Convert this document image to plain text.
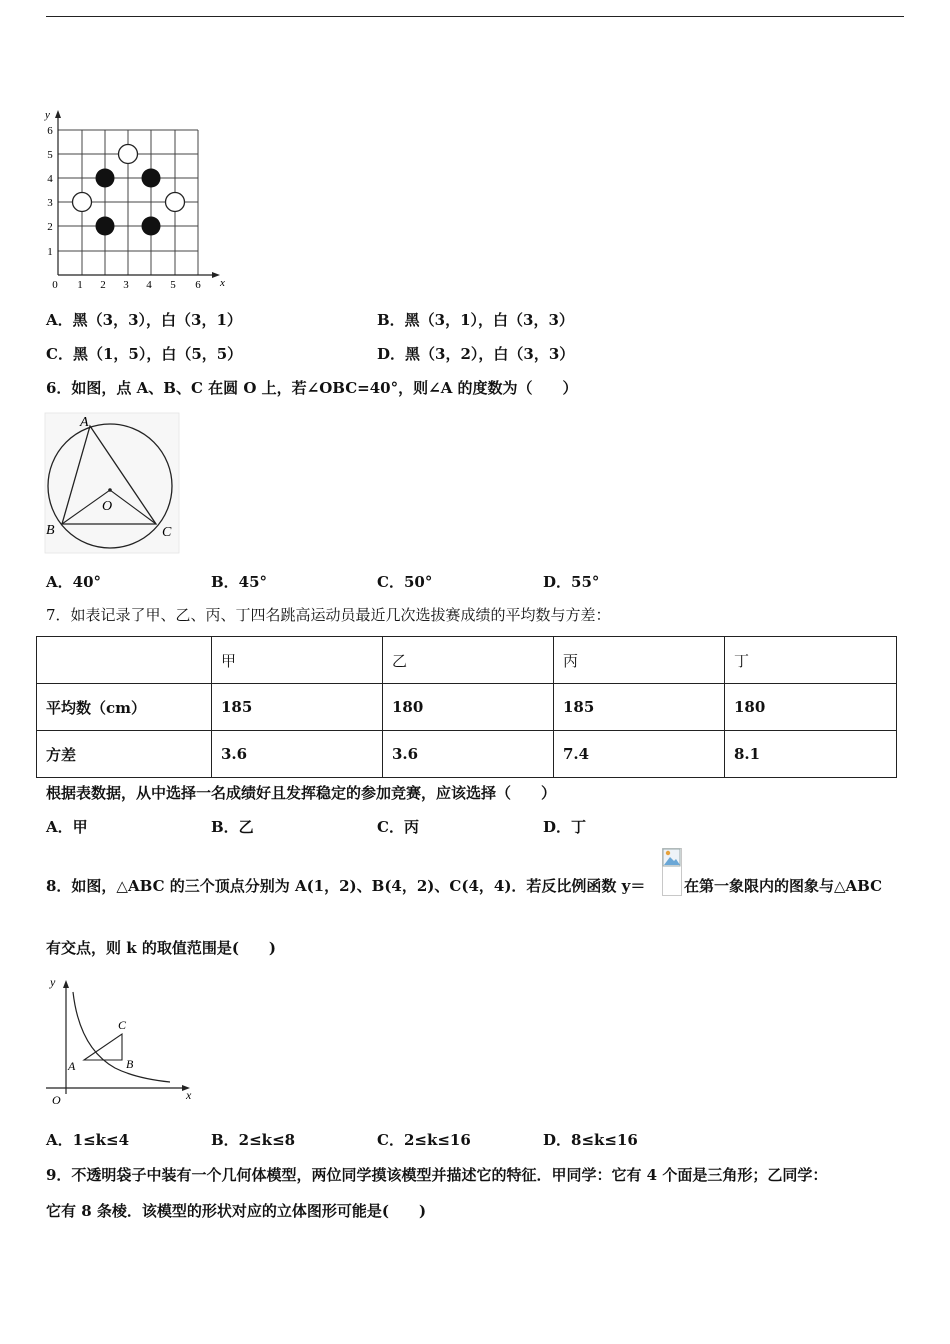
y
x
6
5
4
3
2
1
0 1 2 3 4 5 6
A．黑（3，3），白（3，1）	B．黑（3，1），白（3，3）
C．黑（1，5），白（5，5）	D．黑（3，2），白（3，3）
6．如图，点 A、B、C 在圆 O 上，若∠OBC=40°，则∠A 的度数为（　　）
A
B	C
O
A．40°	B．45°	C．50°	D．55°
7．如表记录了甲、乙、丙、丁四名跳高运动员最近几次选拔赛成绩的平均数与方差：
	甲	乙	丙	丁
平均数（cm）	185	180	185	180
方差	3.6	3.6	7.4	8.1
根据表数据，从中选择一名成绩好且发挥稳定的参加竞赛，应该选择（　　）
A．甲	B．乙	C．丙	D．丁
8．如图，△ABC 的三个顶点分别为 A(1，2)、B(4，2)、C(4，4)．若反比例函数 y＝	在第一象限内的图象与△ABC
有交点，则 k 的取值范围是(　　)
y
x
O
A	B
C
A．1≤k≤4	B．2≤k≤8	C．2≤k≤16	D．8≤k≤16
9．不透明袋子中装有一个几何体模型，两位同学摸该模型并描述它的特征．甲同学：它有 4 个面是三角形；乙同学：
它有 8 条棱．该模型的形状对应的立体图形可能是(　　)
